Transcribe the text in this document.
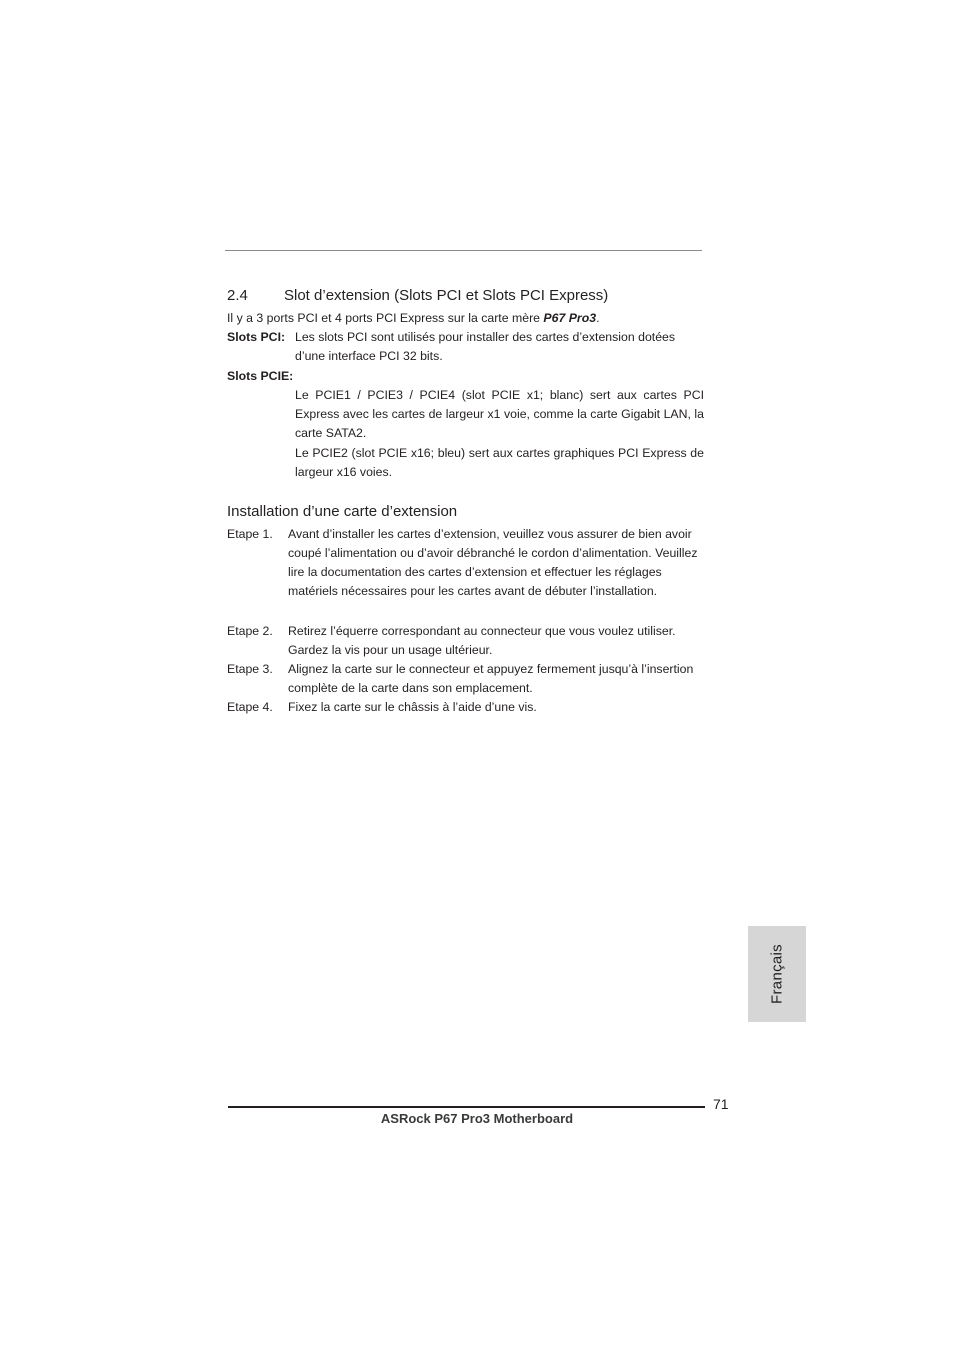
2.4 Slot d’extension (Slots PCI et Slots PCI Express)
Il y a 3 ports PCI et 4 ports PCI Express sur la carte mère P67 Pro3.
Slots PCI: Les slots PCI sont utilisés pour installer des cartes d’extension dotées d’une interface PCI 32 bits.
Slots PCIE:
Le PCIE1 / PCIE3 / PCIE4 (slot PCIE x1; blanc) sert aux cartes PCI Express avec les cartes de largeur x1 voie, comme la carte Gigabit LAN, la carte SATA2.
Le PCIE2 (slot PCIE x16; bleu) sert aux cartes graphiques PCI Express de largeur x16 voies.
Installation d’une carte d’extension
Etape 1. Avant d’installer les cartes d’extension, veuillez vous assurer de bien avoir coupé l’alimentation ou d’avoir débranché le cordon d’alimentation. Veuillez lire la documentation des cartes d’extension et effectuer les réglages matériels nécessaires pour les cartes avant de débuter l’installation.
Etape 2. Retirez l’équerre correspondant au connecteur que vous voulez utiliser. Gardez la vis pour un usage ultérieur.
Etape 3. Alignez la carte sur le connecteur et appuyez fermement jusqu’à l’insertion complète de la carte dans son emplacement.
Etape 4. Fixez la carte sur le châssis à l’aide d’une vis.
Français
71
ASRock P67 Pro3 Motherboard
